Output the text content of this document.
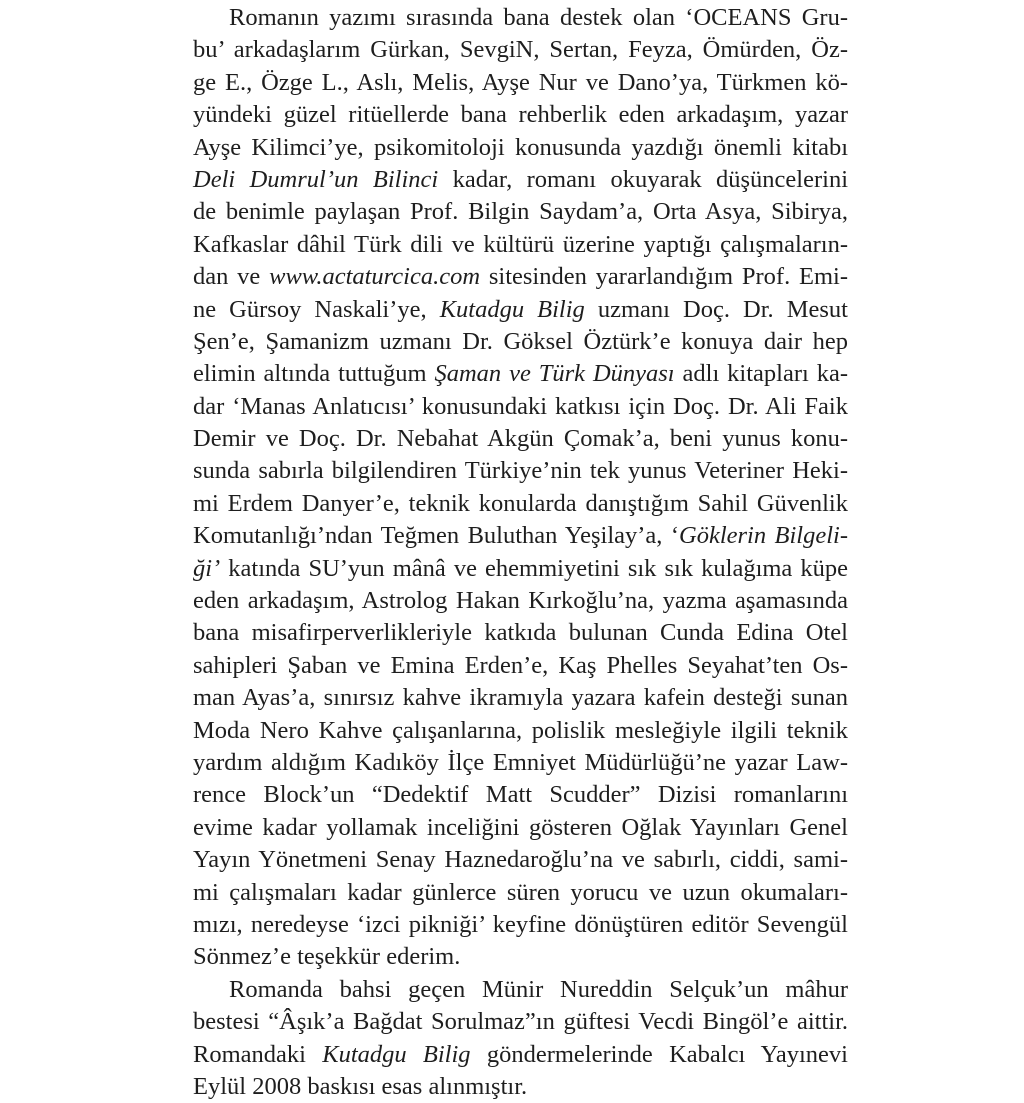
Romanın yazımı sırasında bana destek olan ‘OCEANS Gru-
bu’ arkadaşlarım Gürkan, SevgiN, Sertan, Feyza, Ömürden, Öz-
ge E., Özge L., Aslı, Melis, Ayşe Nur ve Dano’ya, Türkmen kö-
yündeki güzel ritüellerde bana rehberlik eden arkadaşım, yazar
Ayşe Kilimci’ye, psikomitoloji konusunda yazdığı önemli kitabı
Deli Dumrul’un Bilinci kadar, romanı okuyarak düşüncelerini
de benimle paylaşan Prof. Bilgin Saydam’a, Orta Asya, Sibirya,
Kafkaslar dâhil Türk dili ve kültürü üzerine yaptığı çalışmaların-
dan ve www.actaturcica.com sitesinden yararlandığım Prof. Emi-
ne Gürsoy Naskali’ye, Kutadgu Bilig uzmanı Doç. Dr. Mesut
Şen’e, Şamanizm uzmanı Dr. Göksel Öztürk’e konuya dair hep
elimin altında tuttuğum Şaman ve Türk Dünyası adlı kitapları ka-
dar ‘Manas Anlatıcısı’ konusundaki katkısı için Doç. Dr. Ali Faik
Demir ve Doç. Dr. Nebahat Akgün Çomak’a, beni yunus konu-
sunda sabırla bilgilendiren Türkiye’nin tek yunus Veteriner Heki-
mi Erdem Danyer’e, teknik konularda danıştığım Sahil Güvenlik
Komutanlığı’ndan Teğmen Buluthan Yeşilay’a, ‘Göklerin Bilgeli-
ği’ katında SU’yun mânâ ve ehemmiyetini sık sık kulağıma küpe
eden arkadaşım, Astrolog Hakan Kırkoğlu’na, yazma aşamasında
bana misafirperverlikleriyle katkıda bulunan Cunda Edina Otel
sahipleri Şaban ve Emina Erden’e, Kaş Phelles Seyahat’ten Os-
man Ayas’a, sınırsız kahve ikramıyla yazara kafein desteği sunan
Moda Nero Kahve çalışanlarına, polislik mesleğiyle ilgili teknik
yardım aldığım Kadıköy İlçe Emniyet Müdürlüğü’ne yazar Law-
rence Block’un “Dedektif Matt Scudder” Dizisi romanlarını
evime kadar yollamak inceliğini gösteren Oğlak Yayınları Genel
Yayın Yönetmeni Senay Haznedaroğlu’na ve sabırlı, ciddi, sami-
mi çalışmaları kadar günlerce süren yorucu ve uzun okumaları-
mızı, neredeyse ‘izci pikniği’ keyfine dönüştüren editör Sevengül
Sönmez’e teşekkür ederim.
Romanda bahsi geçen Münir Nureddin Selçuk’un mâhur
bestesi “Âşık’a Bağdat Sorulmaz”ın güftesi Vecdi Bingöl’e aittir.
Romandaki Kutadgu Bilig göndermelerinde Kabalcı Yayınevi
Eylül 2008 baskısı esas alınmıştır.
